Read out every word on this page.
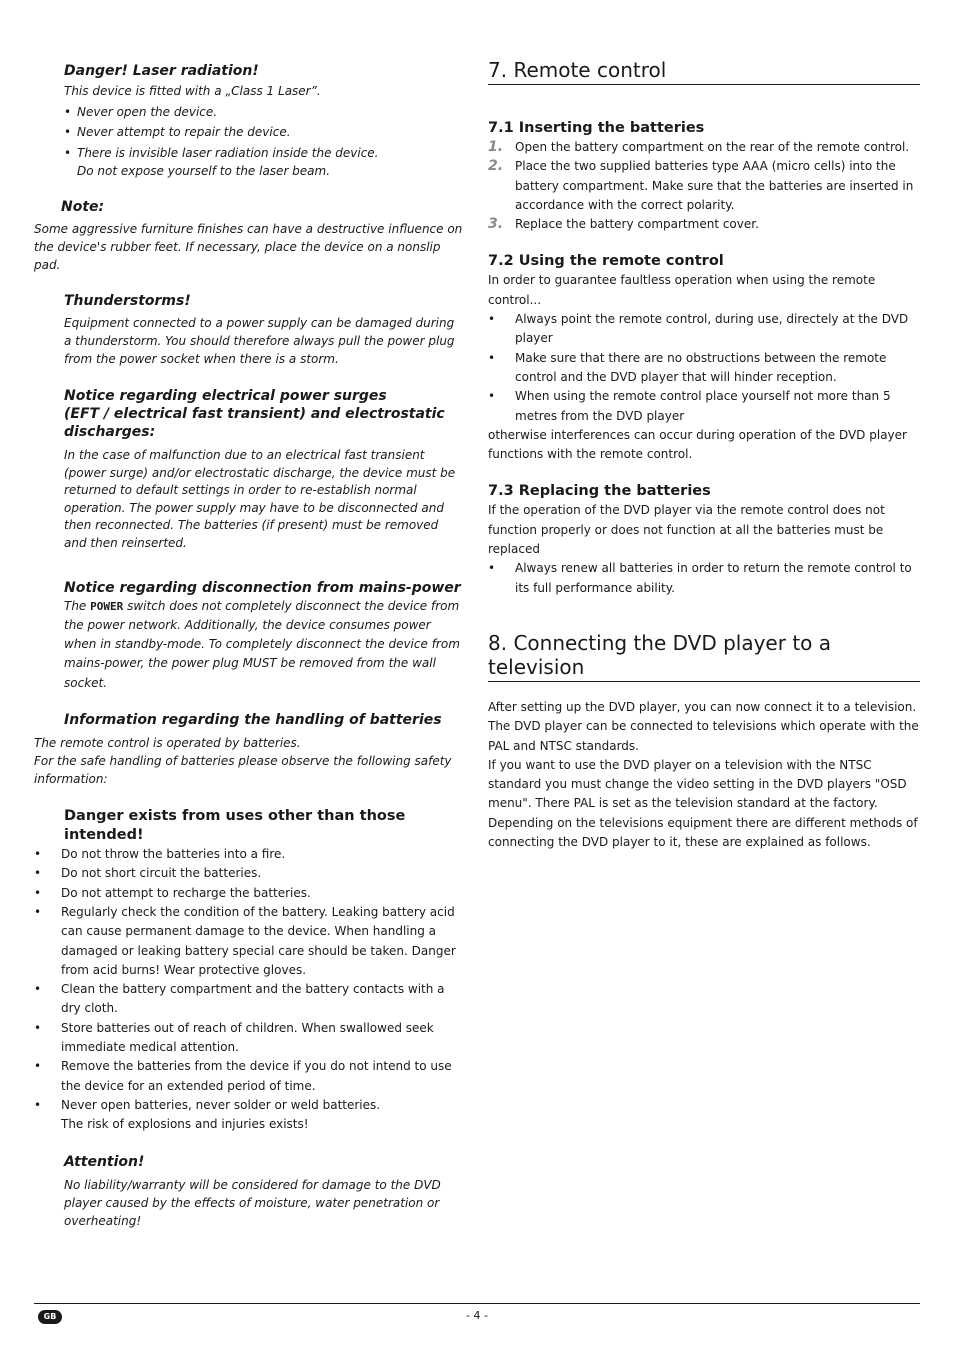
Danger! Laser radiation!

This device is fitted with a „Class 1 Laser”.

• Never open the device.
• Never attempt to repair the device.
• There is invisible laser radiation inside the device.
Do not expose yourself to the laser beam.

Note:

Some aggressive furniture finishes can have a destructive influence on the device's rubber feet. If necessary, place the device on a nonslip pad.

Thunderstorms!

Equipment connected to a power supply can be damaged during a thunderstorm. You should therefore always pull the power plug from the power socket when there is a storm.

Notice regarding electrical power surges

(EFT / electrical fast transient) and electrostatic discharges:

In the case of malfunction due to an electrical fast transient (power surge) and/or electrostatic discharge, the device must be returned to default settings in order to re-establish normal operation. The power supply may have to be disconnected and then reconnected. The batteries (if present) must be removed and then reinserted.

Notice regarding disconnection from mains-power

The POWER switch does not completely disconnect the device from the power network. Additionally, the device consumes power when in standby-mode. To completely disconnect the device from mains-power, the power plug MUST be removed from the wall socket.

Information regarding the handling of batteries

The remote control is operated by batteries.

For the safe handling of batteries please observe the following safety information:

Danger exists from uses other than those intended!

• Do not throw the batteries into a fire.
• Do not short circuit the batteries.
• Do not attempt to recharge the batteries.
• Regularly check the condition of the battery. Leaking battery acid can cause permanent damage to the device. When handling a damaged or leaking battery special care should be taken. Danger from acid burns! Wear protective gloves.
• Clean the battery compartment and the battery contacts with a dry cloth.
• Store batteries out of reach of children. When swallowed seek immediate medical attention.
• Remove the batteries from the device if you do not intend to use the device for an extended period of time.
• Never open batteries, never solder or weld batteries.
The risk of explosions and injuries exists!

Attention!

No liability/warranty will be considered for damage to the DVD player caused by the effects of moisture, water penetration or overheating!

7. Remote control
7.1 Inserting the batteries
1. Open the battery compartment on the rear of the remote control.
2. Place the two supplied batteries type AAA (micro cells) into the battery compartment. Make sure that the batteries are inserted in accordance with the correct polarity.
3. Replace the battery compartment cover.
7.2 Using the remote control

In order to guarantee faultless operation when using the remote control...

• Always point the remote control, during use, directely at the DVD player
• Make sure that there are no obstructions between the remote control and the DVD player that will hinder reception.
• When using the remote control place yourself not more than 5 metres from the DVD player

otherwise interferences can occur during operation of the DVD player functions with the remote control.

7.3 Replacing the batteries

If the operation of the DVD player via the remote control does not function properly or does not function at all the batteries must be replaced

• Always renew all batteries in order to return the remote control to its full performance ability.
8. Connecting the DVD player to a television

After setting up the DVD player, you can now connect it to a television.

The DVD player can be connected to televisions which operate with the PAL and NTSC standards.

If you want to use the DVD player on a television with the NTSC standard you must change the video setting in the DVD players "OSD menu". There PAL is set as the television standard at the factory. Depending on the televisions equipment there are different methods of connecting the DVD player to it, these are explained as follows.

GB	- 4 -
